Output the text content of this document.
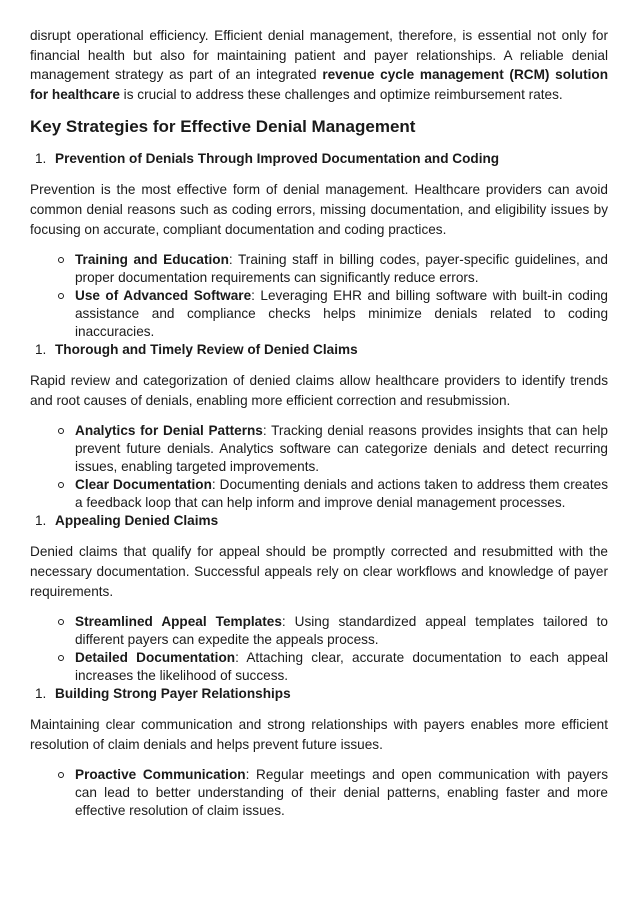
disrupt operational efficiency. Efficient denial management, therefore, is essential not only for financial health but also for maintaining patient and payer relationships. A reliable denial management strategy as part of an integrated revenue cycle management (RCM) solution for healthcare is crucial to address these challenges and optimize reimbursement rates.

Key Strategies for Effective Denial Management
1. Prevention of Denials Through Improved Documentation and Coding

Prevention is the most effective form of denial management. Healthcare providers can avoid common denial reasons such as coding errors, missing documentation, and eligibility issues by focusing on accurate, compliant documentation and coding practices.

Training and Education: Training staff in billing codes, payer-specific guidelines, and proper documentation requirements can significantly reduce errors.
Use of Advanced Software: Leveraging EHR and billing software with built-in coding assistance and compliance checks helps minimize denials related to coding inaccuracies.
1. Thorough and Timely Review of Denied Claims

Rapid review and categorization of denied claims allow healthcare providers to identify trends and root causes of denials, enabling more efficient correction and resubmission.

Analytics for Denial Patterns: Tracking denial reasons provides insights that can help prevent future denials. Analytics software can categorize denials and detect recurring issues, enabling targeted improvements.
Clear Documentation: Documenting denials and actions taken to address them creates a feedback loop that can help inform and improve denial management processes.
1. Appealing Denied Claims

Denied claims that qualify for appeal should be promptly corrected and resubmitted with the necessary documentation. Successful appeals rely on clear workflows and knowledge of payer requirements.

Streamlined Appeal Templates: Using standardized appeal templates tailored to different payers can expedite the appeals process.
Detailed Documentation: Attaching clear, accurate documentation to each appeal increases the likelihood of success.
1. Building Strong Payer Relationships

Maintaining clear communication and strong relationships with payers enables more efficient resolution of claim denials and helps prevent future issues.

Proactive Communication: Regular meetings and open communication with payers can lead to better understanding of their denial patterns, enabling faster and more effective resolution of claim issues.
